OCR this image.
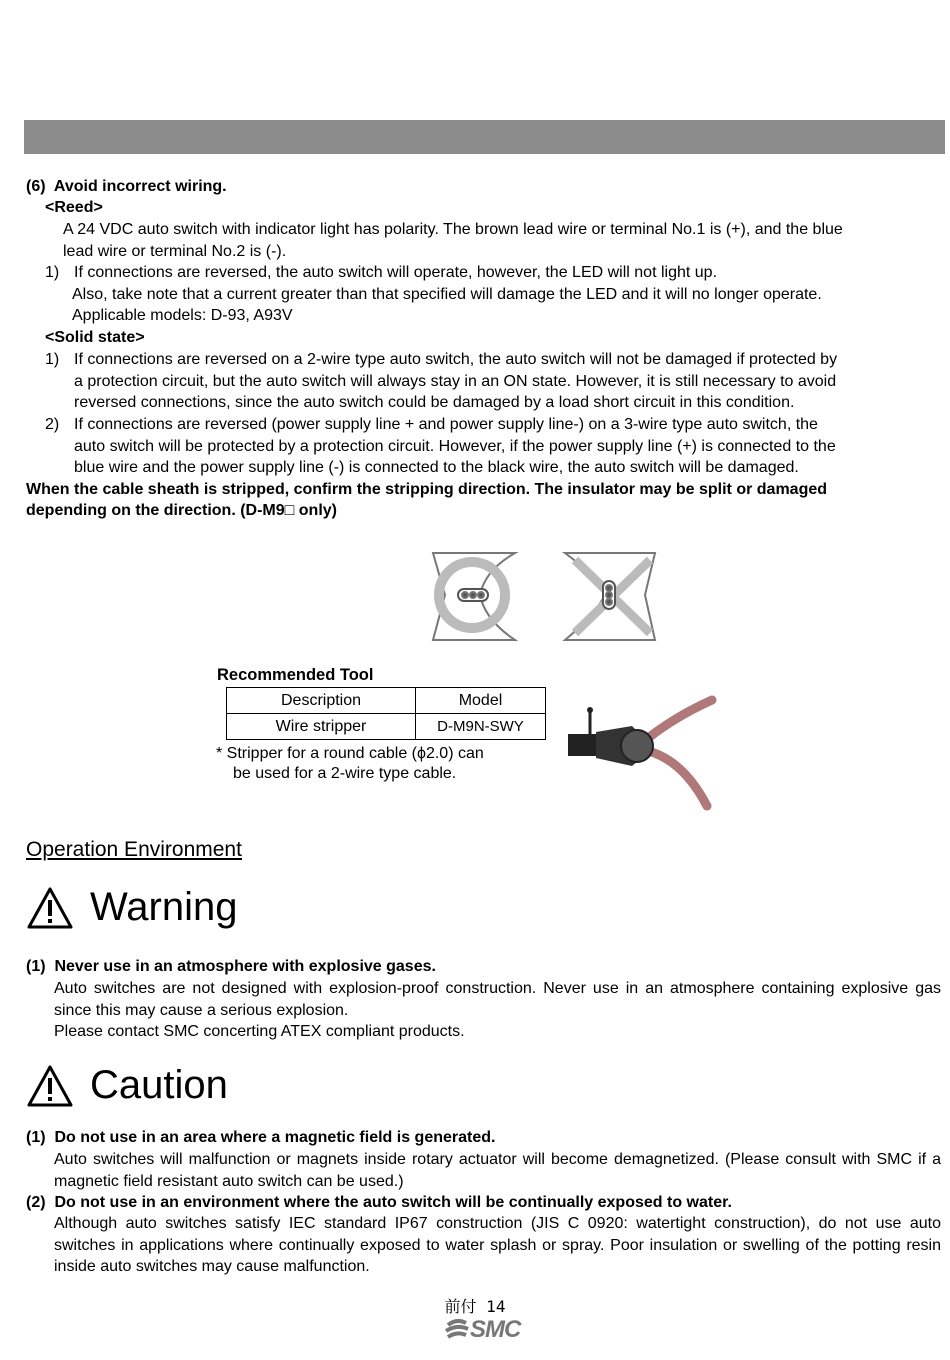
(6) Avoid incorrect wiring.
<Reed>
A 24 VDC auto switch with indicator light has polarity. The brown lead wire or terminal No.1 is (+), and the blue
lead wire or terminal No.2 is (-).
1) If connections are reversed, the auto switch will operate, however, the LED will not light up.
Also, take note that a current greater than that specified will damage the LED and it will no longer operate.
Applicable models: D-93, A93V
<Solid state>
1) If connections are reversed on a 2-wire type auto switch, the auto switch will not be damaged if protected by
a protection circuit, but the auto switch will always stay in an ON state. However, it is still necessary to avoid
reversed connections, since the auto switch could be damaged by a load short circuit in this condition.
2) If connections are reversed (power supply line + and power supply line-) on a 3-wire type auto switch, the
auto switch will be protected by a protection circuit. However, if the power supply line (+) is connected to the
blue wire and the power supply line (-) is connected to the black wire, the auto switch will be damaged.
When the cable sheath is stripped, confirm the stripping direction. The insulator may be split or damaged
depending on the direction. (D-M9□ only)
Recommended Tool
Description	Model
Wire stripper	D-M9N-SWY
* Stripper for a round cable (ϕ2.0) can
be used for a 2-wire type cable.
Operation Environment
Warning
(1) Never use in an atmosphere with explosive gases.
Auto switches are not designed with explosion-proof construction. Never use in an atmosphere containing explosive gas since this may cause a serious explosion.
Please contact SMC concerting ATEX compliant products.
Caution
(1) Do not use in an area where a magnetic field is generated.
Auto switches will malfunction or magnets inside rotary actuator will become demagnetized. (Please consult with SMC if a magnetic field resistant auto switch can be used.)
(2) Do not use in an environment where the auto switch will be continually exposed to water.
Although auto switches satisfy IEC standard IP67 construction (JIS C 0920: watertight construction), do not use auto switches in applications where continually exposed to water splash or spray. Poor insulation or swelling of the potting resin inside auto switches may cause malfunction.
前付 14
SMC
